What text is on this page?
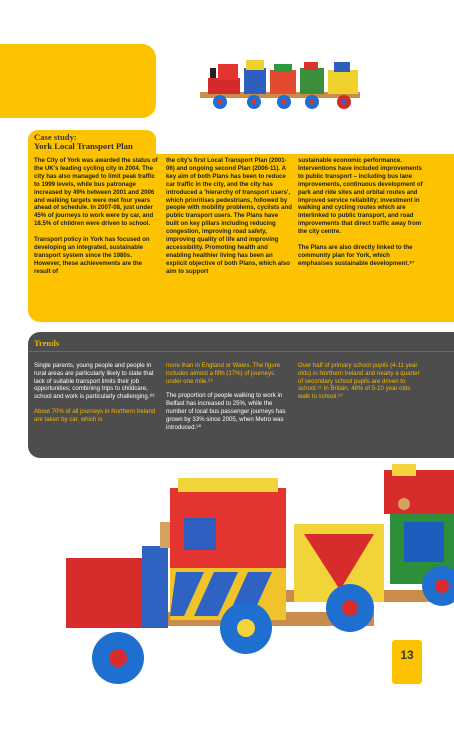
Case study:
York Local Transport Plan

The City of York was awarded the status of the UK's leading cycling city in 2004. The city has also managed to limit peak traffic to 1999 levels, while bus patronage increased by 49% between 2001 and 2006 and walking targets were met four years ahead of schedule. In 2007-08, just under 45% of journeys to work were by car, and 18.5% of children were driven to school.

Transport policy in York has focused on developing an integrated, sustainable transport system since the 1980s. However, these achievements are the result of

the city's first Local Transport Plan (2001-06) and ongoing second Plan (2006-11). A key aim of both Plans has been to reduce car traffic in the city, and the city has introduced a 'hierarchy of transport users', which prioritises pedestrians, followed by people with mobility problems, cyclists and public transport users. The Plans have built on key pillars including reducing congestion, improving road safety, improving quality of life and improving accessibility. Promoting health and enabling healthier living has been an explicit objective of both Plans, which also aim to support

sustainable economic performance. Interventions have included improvements to public transport – including bus lane improvements, continuous development of park and ride sites and orbital routes and improved service reliability; investment in walking and cycling routes which are interlinked to public transport, and road improvements that direct traffic away from the city centre.

The Plans are also directly linked to the community plan for York, which emphasises sustainable development.⁸⁷

Trends

Single parents, young people and people in rural areas are particularly likely to state that lack of suitable transport limits their job opportunities; combining trips to childcare, school and work is particularly challenging.⁸⁸

About 70% of all journeys in Northern Ireland are taken by car, which is

more than in England or Wales. The figure includes almost a fifth (17%) of journeys under one mile.⁸⁹

The proportion of people walking to work in Belfast has increased to 25%, while the number of local bus passenger journeys has grown by 33% since 2005, when Metro was introduced.⁹⁰

Over half of primary school pupils (4-11 year olds) in Northern Ireland and nearly a quarter of secondary school pupils are driven to school.⁹¹ In Britain, 48% of 5-10 year olds walk to school.⁹²

13
